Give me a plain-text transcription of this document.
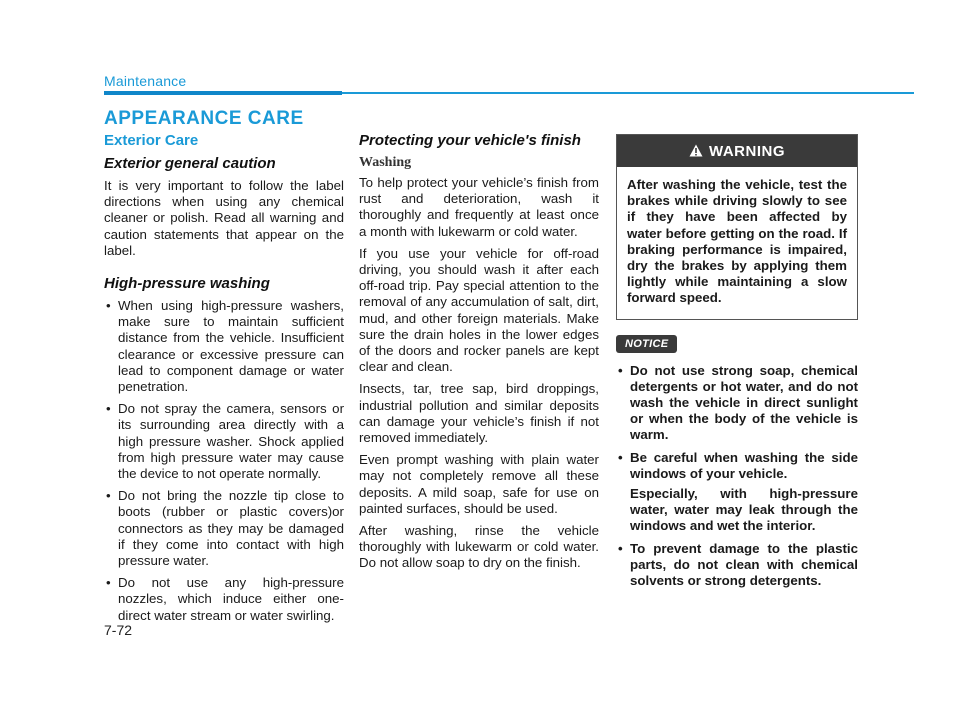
Maintenance
APPEARANCE CARE
Exterior Care
Exterior general caution

It is very important to follow the label directions when using any chemical cleaner or polish. Read all warning and caution statements that appear on the label.

High-pressure washing
• When using high-pressure washers, make sure to maintain sufficient distance from the vehicle. Insufficient clearance or excessive pressure can lead to component damage or water penetration.
• Do not spray the camera, sensors or its surrounding area directly with a high pressure washer. Shock applied from high pressure water may cause the device to not operate normally.
• Do not bring the nozzle tip close to boots (rubber or plastic covers)or connectors as they may be damaged if they come into contact with high pressure water.
• Do not use any high-pressure nozzles, which induce either one-direct water stream or water swirling.
Protecting your vehicle's finish
Washing

To help protect your vehicle’s finish from rust and deterioration, wash it thoroughly and frequently at least once a month with lukewarm or cold water.

If you use your vehicle for off-road driving, you should wash it after each off-road trip. Pay special attention to the removal of any accumulation of salt, dirt, mud, and other foreign materials. Make sure the drain holes in the lower edges of the doors and rocker panels are kept clear and clean.

Insects, tar, tree sap, bird droppings, industrial pollution and similar deposits can damage your vehicle’s finish if not removed immediately.

Even prompt washing with plain water may not completely remove all these deposits. A mild soap, safe for use on painted surfaces, should be used.

After washing, rinse the vehicle thoroughly with lukewarm or cold water. Do not allow soap to dry on the finish.

WARNING
After washing the vehicle, test the brakes while driving slowly to see if they have been affected by water before getting on the road. If braking performance is impaired, dry the brakes by applying them lightly while maintaining a slow forward speed.
NOTICE
• Do not use strong soap, chemical detergents or hot water, and do not wash the vehicle in direct sunlight or when the body of the vehicle is warm.
• Be careful when washing the side windows of your vehicle.
Especially, with high-pressure water, water may leak through the windows and wet the interior.
• To prevent damage to the plastic parts, do not clean with chemical solvents or strong detergents.
7-72
